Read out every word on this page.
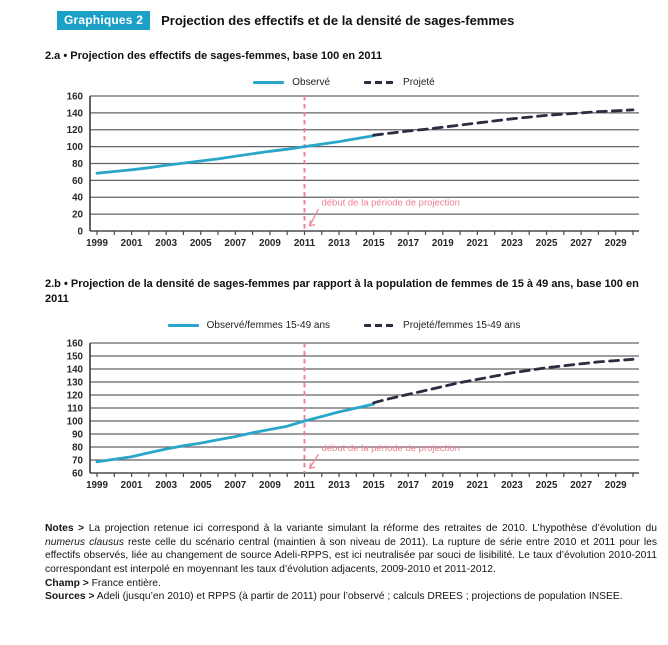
Graphiques 2	Projection des effectifs et de la densité de sages-femmes
2.a • Projection des effectifs de sages-femmes, base 100 en 2011
Observé	Projeté
0
20
40
60
80
100
120
140
160
1999 2001 2003 2005 2007 2009 2011 2013 2015 2017 2019 2021 2023 2025 2027 2029
début de la période de projection
2.b • Projection de la densité de sages-femmes par rapport à la population de femmes de 15 à 49 ans, base 100 en 2011
Observé/femmes 15-49 ans	Projeté/femmes 15-49 ans
60
70
80
90
100
110
120
130
140
150
160
1999 2001 2003 2005 2007 2009 2011 2013 2015 2017 2019 2021 2023 2025 2027 2029
début de la période de projection

Notes > La projection retenue ici correspond à la variante simulant la réforme des retraites de 2010. L’hypothèse d’évolution du numerus clausus reste celle du scénario central (maintien à son niveau de 2011). La rupture de série entre 2010 et 2011 pour les effectifs observés, liée au changement de source Adeli-RPPS, est ici neutralisée par souci de lisibilité. Le taux d’évolution 2010-2011 correspondant est interpolé en moyennant les taux d’évolution adjacents, 2009-2010 et 2011-2012.

Champ > France entière.

Sources > Adeli (jusqu’en 2010) et RPPS (à partir de 2011) pour l’observé ; calculs DREES ; projections de population INSEE.
